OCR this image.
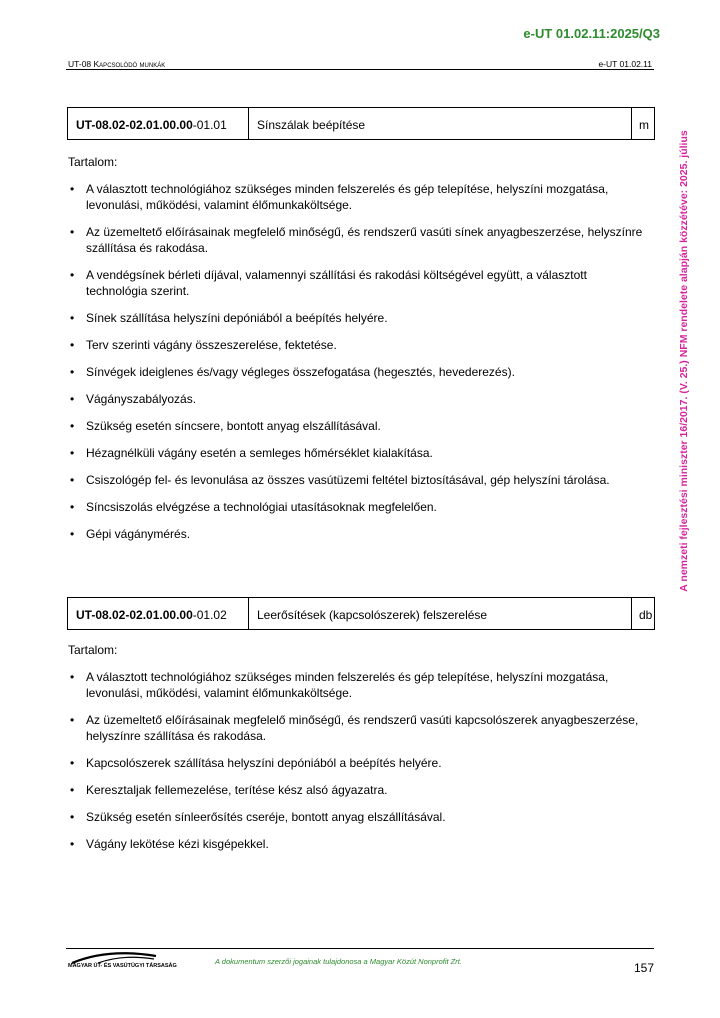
e-UT 01.02.11:2025/Q3
UT-08 Kapcsolódó munkák	e-UT 01.02.11
A nemzeti fejlesztési miniszter 16/2017. (V. 25.) NFM rendelete alapján közzétéve: 2025. július
UT-08.02-02.01.00.00-01.01	Sínszálak beépítése	m
Tartalom:
• A választott technológiához szükséges minden felszerelés és gép telepítése, helyszíni mozgatása, levonulási, működési, valamint élőmunkaköltsége.
• Az üzemeltető előírásainak megfelelő minőségű, és rendszerű vasúti sínek anyagbeszerzése, helyszínre szállítása és rakodása.
• A vendégsínek bérleti díjával, valamennyi szállítási és rakodási költségével együtt, a választott technológia szerint.
• Sínek szállítása helyszíni depóniából a beépítés helyére.
• Terv szerinti vágány összeszerelése, fektetése.
• Sínvégek ideiglenes és/vagy végleges összefogatása (hegesztés, hevederezés).
• Vágányszabályozás.
• Szükség esetén síncsere, bontott anyag elszállításával.
• Hézagnélküli vágány esetén a semleges hőmérséklet kialakítása.
• Csiszológép fel- és levonulása az összes vasútüzemi feltétel biztosításával, gép helyszíni tárolása.
• Síncsiszolás elvégzése a technológiai utasításoknak megfelelően.
• Gépi vágánymérés.
UT-08.02-02.01.00.00-01.02	Leerősítések (kapcsolószerek) felszerelése	db
Tartalom:
• A választott technológiához szükséges minden felszerelés és gép telepítése, helyszíni mozgatása, levonulási, működési, valamint élőmunkaköltsége.
• Az üzemeltető előírásainak megfelelő minőségű, és rendszerű vasúti kapcsolószerek anyagbeszerzése, helyszínre szállítása és rakodása.
• Kapcsolószerek szállítása helyszíni depóniából a beépítés helyére.
• Keresztaljak fellemezelése, terítése kész alsó ágyazatra.
• Szükség esetén sínleerősítés cseréje, bontott anyag elszállításával.
• Vágány lekötése kézi kisgépekkel.
MAGYAR ÚT- ÉS VASÚTÜGYI TÁRSASÁG	A dokumentum szerzői jogainak tulajdonosa a Magyar Közút Nonprofit Zrt.	157
